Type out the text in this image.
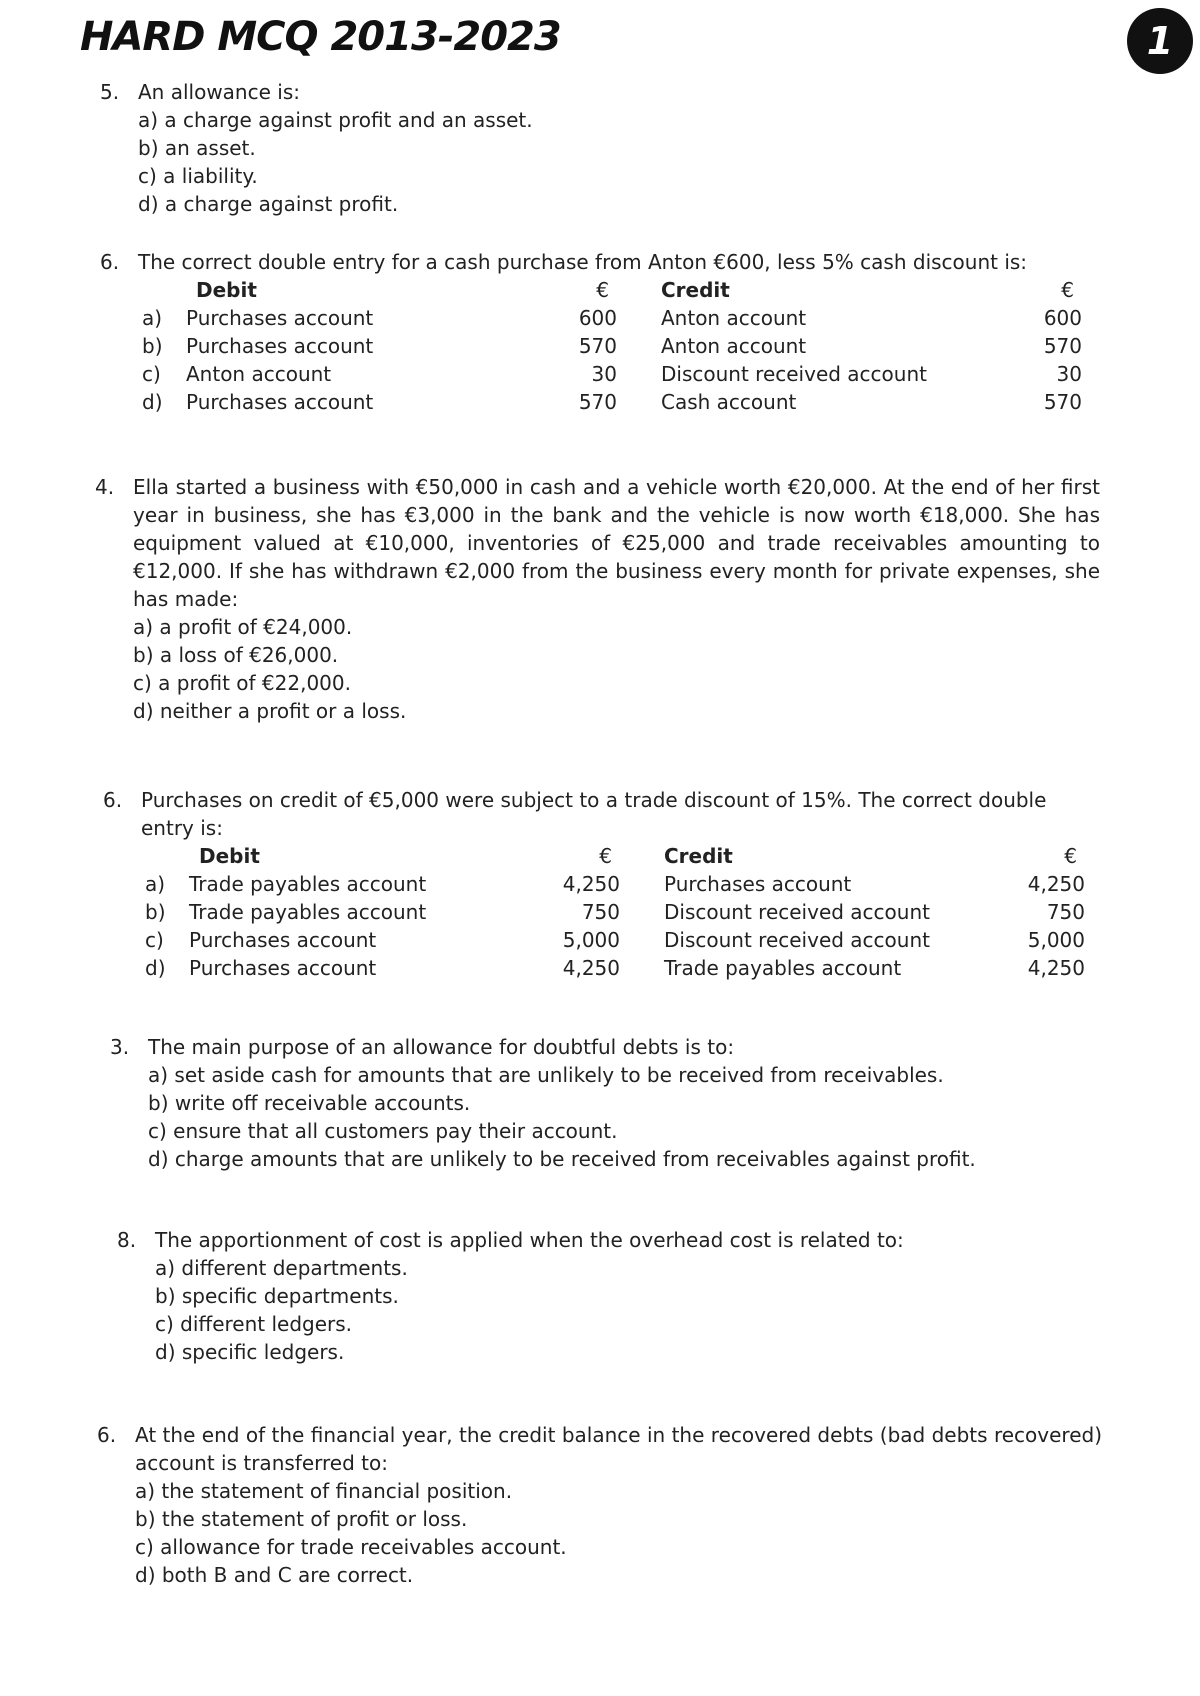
HARD MCQ 2013-2023	1
5. An allowance is:
a) a charge against profit and an asset.
b) an asset.
c) a liability.
d) a charge against profit.
6. The correct double entry for a cash purchase from Anton €600, less 5% cash discount is:
	Debit	€	Credit	€
a)	Purchases account	600	Anton account	600
b)	Purchases account	570	Anton account	570
c)	Anton account	30	Discount received account	30
d)	Purchases account	570	Cash account	570
4. Ella started a business with €50,000 in cash and a vehicle worth €20,000. At the end of her first year in business, she has €3,000 in the bank and the vehicle is now worth €18,000. She has equipment valued at €10,000, inventories of €25,000 and trade receivables amounting to €12,000. If she has withdrawn €2,000 from the business every month for private expenses, she has made:
a) a profit of €24,000.
b) a loss of €26,000.
c) a profit of €22,000.
d) neither a profit or a loss.
6. Purchases on credit of €5,000 were subject to a trade discount of 15%. The correct double entry is:
	Debit	€	Credit	€
a)	Trade payables account	4,250	Purchases account	4,250
b)	Trade payables account	750	Discount received account	750
c)	Purchases account	5,000	Discount received account	5,000
d)	Purchases account	4,250	Trade payables account	4,250
3. The main purpose of an allowance for doubtful debts is to:
a) set aside cash for amounts that are unlikely to be received from receivables.
b) write off receivable accounts.
c) ensure that all customers pay their account.
d) charge amounts that are unlikely to be received from receivables against profit.
8. The apportionment of cost is applied when the overhead cost is related to:
a) different departments.
b) specific departments.
c) different ledgers.
d) specific ledgers.
6. At the end of the financial year, the credit balance in the recovered debts (bad debts recovered) account is transferred to:
a) the statement of financial position.
b) the statement of profit or loss.
c) allowance for trade receivables account.
d) both B and C are correct.
